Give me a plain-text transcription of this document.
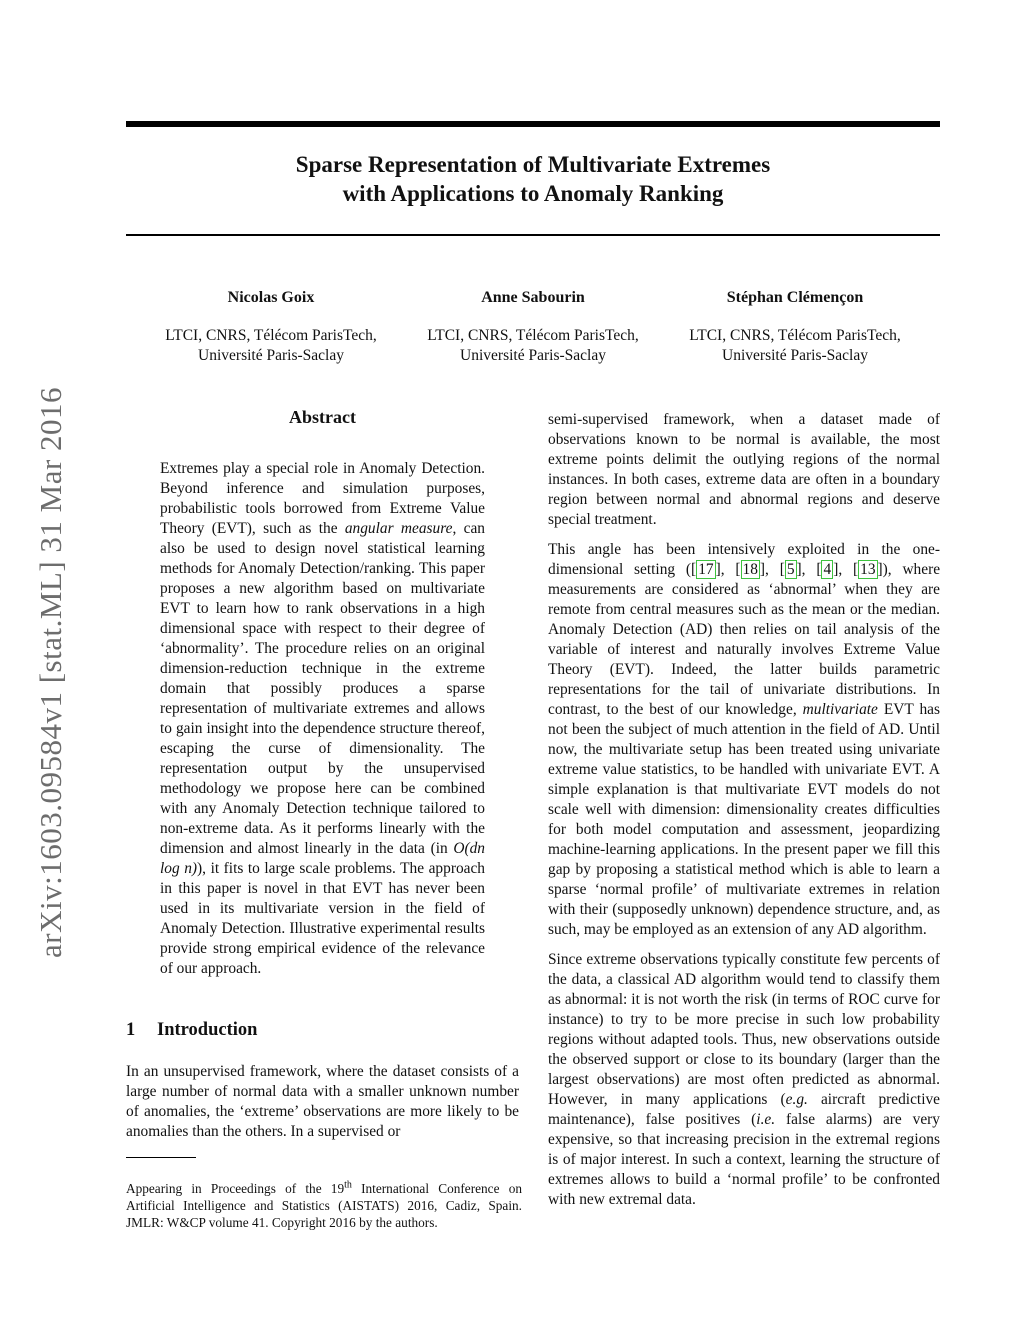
arXiv:1603.09584v1 [stat.ML] 31 Mar 2016
Sparse Representation of Multivariate Extremes
with Applications to Anomaly Ranking
Nicolas Goix
LTCI, CNRS, Télécom ParisTech,
Université Paris-Saclay
Anne Sabourin
LTCI, CNRS, Télécom ParisTech,
Université Paris-Saclay
Stéphan Clémençon
LTCI, CNRS, Télécom ParisTech,
Université Paris-Saclay
Abstract
Extremes play a special role in Anomaly Detection. Beyond inference and simulation purposes, probabilistic tools borrowed from Extreme Value Theory (EVT), such as the angular measure, can also be used to design novel statistical learning methods for Anomaly Detection/ranking. This paper proposes a new algorithm based on multivariate EVT to learn how to rank observations in a high dimensional space with respect to their degree of ‘abnormality’. The procedure relies on an original dimension-reduction technique in the extreme domain that possibly produces a sparse representation of multivariate extremes and allows to gain insight into the dependence structure thereof, escaping the curse of dimensionality. The representation output by the unsupervised methodology we propose here can be combined with any Anomaly Detection technique tailored to non-extreme data. As it performs linearly with the dimension and almost linearly in the data (in O(dn log n)), it fits to large scale problems. The approach in this paper is novel in that EVT has never been used in its multivariate version in the field of Anomaly Detection. Illustrative experimental results provide strong empirical evidence of the relevance of our approach.
1 Introduction
In an unsupervised framework, where the dataset consists of a large number of normal data with a smaller unknown number of anomalies, the ‘extreme’ observations are more likely to be anomalies than the others. In a supervised or
Appearing in Proceedings of the 19th International Conference on Artificial Intelligence and Statistics (AISTATS) 2016, Cadiz, Spain. JMLR: W&CP volume 41. Copyright 2016 by the authors.

semi-supervised framework, when a dataset made of observations known to be normal is available, the most extreme points delimit the outlying regions of the normal instances. In both cases, extreme data are often in a boundary region between normal and abnormal regions and deserve special treatment.

This angle has been intensively exploited in the one-dimensional setting ([ 17 ], [ 18 ], [ 5 ], [ 4 ], [ 13 ]), where measurements are considered as ‘abnormal’ when they are remote from central measures such as the mean or the median. Anomaly Detection (AD) then relies on tail analysis of the variable of interest and naturally involves Extreme Value Theory (EVT). Indeed, the latter builds parametric representations for the tail of univariate distributions. In contrast, to the best of our knowledge, multivariate EVT has not been the subject of much attention in the field of AD. Until now, the multivariate setup has been treated using univariate extreme value statistics, to be handled with univariate EVT. A simple explanation is that multivariate EVT models do not scale well with dimension: dimensionality creates difficulties for both model computation and assessment, jeopardizing machine-learning applications. In the present paper we fill this gap by proposing a statistical method which is able to learn a sparse ‘normal profile’ of multivariate extremes in relation with their (supposedly unknown) dependence structure, and, as such, may be employed as an extension of any AD algorithm.

Since extreme observations typically constitute few percents of the data, a classical AD algorithm would tend to classify them as abnormal: it is not worth the risk (in terms of ROC curve for instance) to try to be more precise in such low probability regions without adapted tools. Thus, new observations outside the observed support or close to its boundary (larger than the largest observations) are most often predicted as abnormal. However, in many applications (e.g. aircraft predictive maintenance), false positives (i.e. false alarms) are very expensive, so that increasing precision in the extremal regions is of major interest. In such a context, learning the structure of extremes allows to build a ‘normal profile’ to be confronted with new extremal data.
